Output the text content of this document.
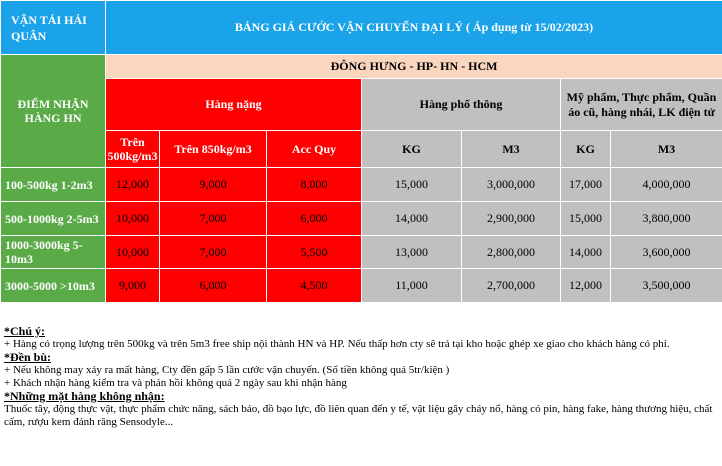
VẬN TẢI HẢI QUÂN	BẢNG GIÁ CƯỚC VẬN CHUYỂN ĐẠI LÝ ( Áp dụng từ 15/02/2023)						
ĐIỂM NHẬN HÀNG HN	ĐÔNG HƯNG - HP- HN - HCM						
	Hàng nặng			Hàng phổ thông		Mỹ phẩm, Thực phẩm, Quần áo cũ, hàng nhái, LK điện tử	
	Trên 500kg/m3	Trên 850kg/m3	Acc Quy	KG	M3	KG	M3
100-500kg 1-2m3	12,000	9,000	8,000	15,000	3,000,000	17,000	4,000,000
500-1000kg 2-5m3	10,000	7,000	6,000	14,000	2,900,000	15,000	3,800,000
1000-3000kg 5-10m3	10,000	7,000	5,500	13,000	2,800,000	14,000	3,600,000
3000-5000 >10m3	9,000	6,000	4,500	11,000	2,700,000	12,000	3,500,000

*Chú ý:

+ Hàng có trọng lượng trên 500kg và trên 5m3 free ship nội thành HN và HP. Nếu thấp hơn cty sẽ trả tại kho hoặc ghép xe giao cho khách hàng có phí.

*Đền bù:

+ Nếu không may xảy ra mất hàng, Cty đền gấp 5 lần cước vận chuyển. (Số tiền không quá 5tr/kiện )

+ Khách nhận hàng kiểm tra và phản hồi không quá 2 ngày sau khi nhận hàng

*Những mặt hàng không nhận:

Thuốc tây, động thực vật, thực phẩm chức năng, sách báo, đồ bạo lực, đồ liên quan đến y tế, vật liệu gây cháy nổ, hàng có pin, hàng fake, hàng thương hiệu, chất cấm, rượu kem đánh răng Sensodyle...
